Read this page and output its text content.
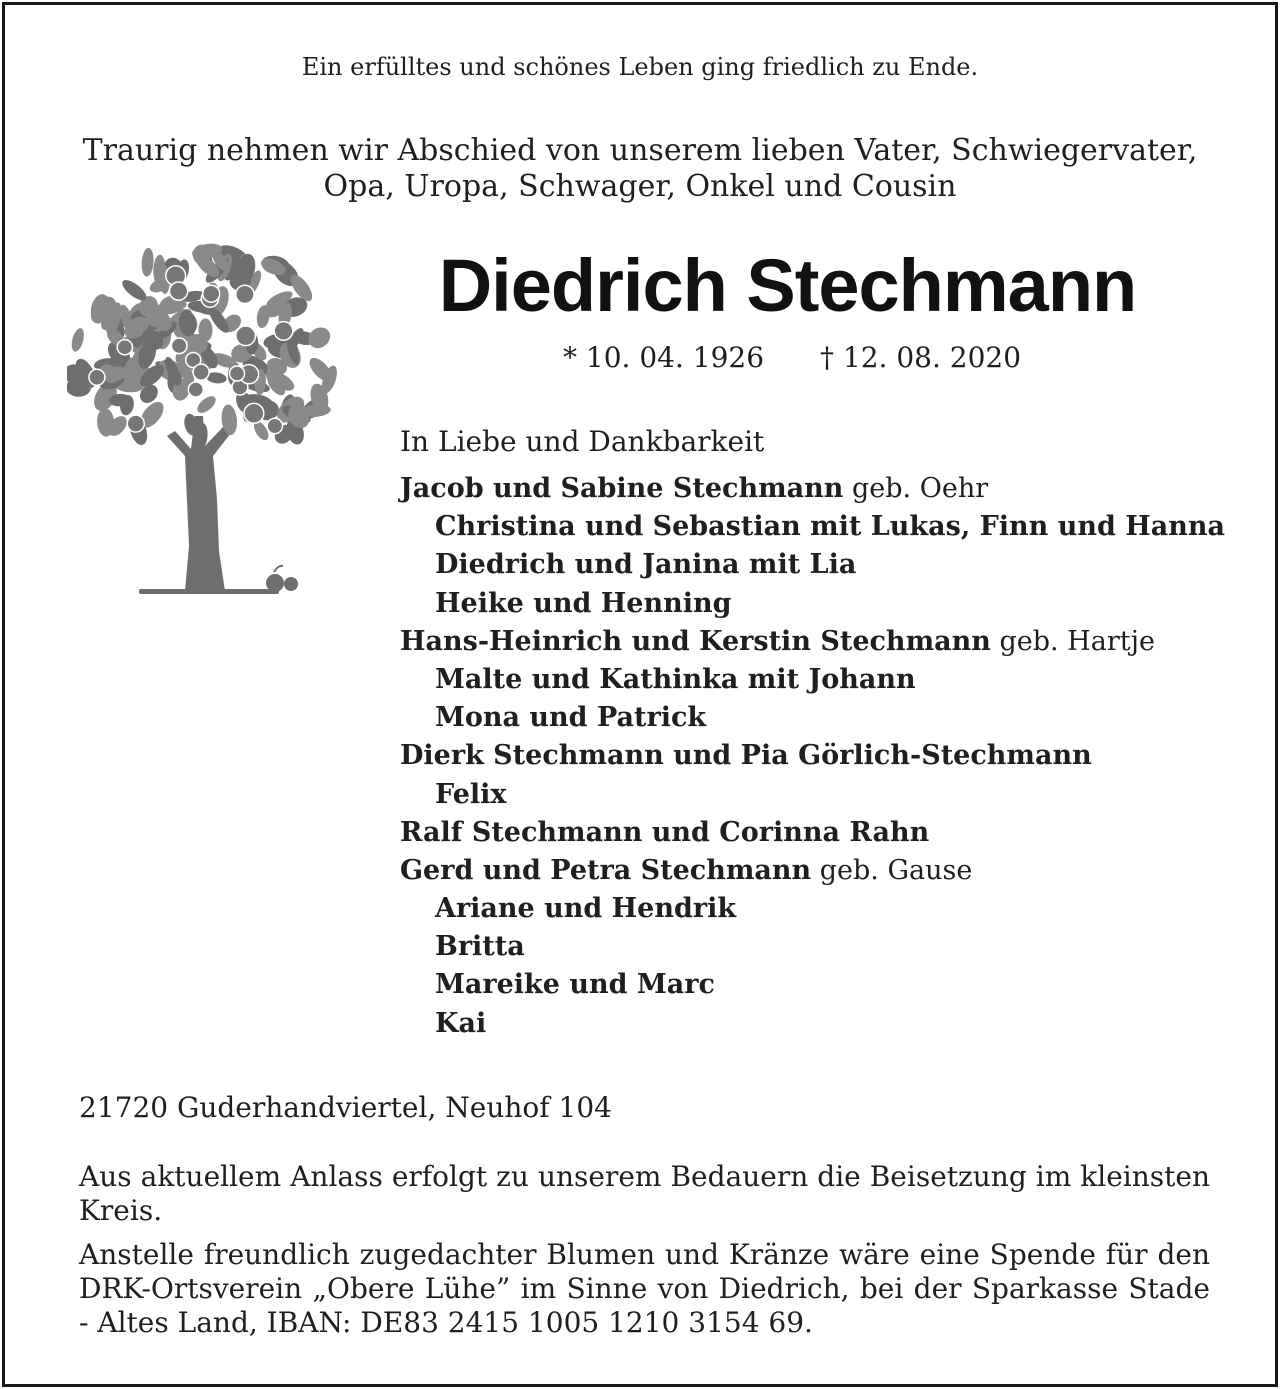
Ein erfülltes und schönes Leben ging friedlich zu Ende.
Traurig nehmen wir Abschied von unserem lieben Vater, Schwiegervater,
Opa, Uropa, Schwager, Onkel und Cousin
Diedrich Stechmann
* 10. 04. 1926 † 12. 08. 2020
In Liebe und Dankbarkeit
Jacob und Sabine Stechmann geb. Oehr
Christina und Sebastian mit Lukas, Finn und Hanna
Diedrich und Janina mit Lia
Heike und Henning
Hans-Heinrich und Kerstin Stechmann geb. Hartje
Malte und Kathinka mit Johann
Mona und Patrick
Dierk Stechmann und Pia Görlich-Stechmann
Felix
Ralf Stechmann und Corinna Rahn
Gerd und Petra Stechmann geb. Gause
Ariane und Hendrik
Britta
Mareike und Marc
Kai
21720 Guderhandviertel, Neuhof 104
Aus aktuellem Anlass erfolgt zu unserem Bedauern die Beisetzung im kleinsten Kreis.
Anstelle freundlich zugedachter Blumen und Kränze wäre eine Spende für den DRK-Ortsverein „Obere Lühe” im Sinne von Diedrich, bei der Sparkasse Stade - Altes Land, IBAN: DE83 2415 1005 1210 3154 69.
